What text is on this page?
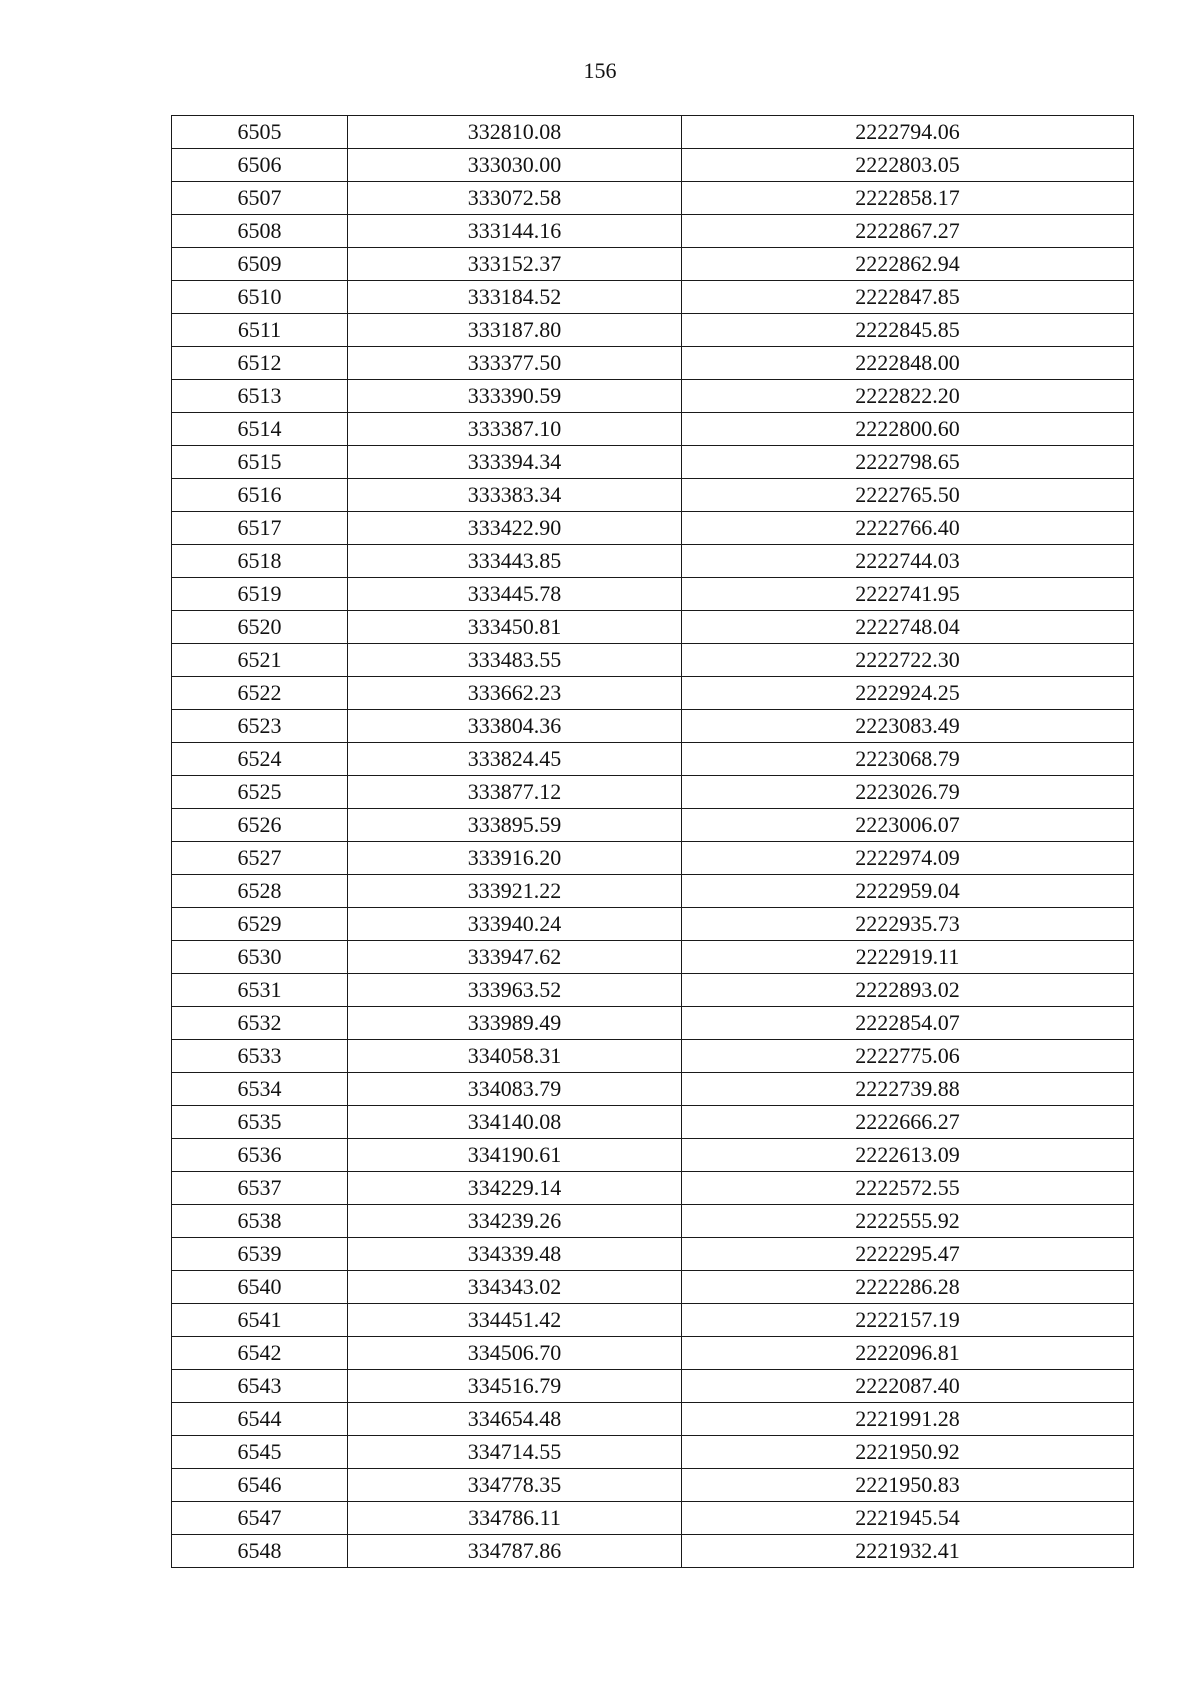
156
6505	332810.08	2222794.06
6506	333030.00	2222803.05
6507	333072.58	2222858.17
6508	333144.16	2222867.27
6509	333152.37	2222862.94
6510	333184.52	2222847.85
6511	333187.80	2222845.85
6512	333377.50	2222848.00
6513	333390.59	2222822.20
6514	333387.10	2222800.60
6515	333394.34	2222798.65
6516	333383.34	2222765.50
6517	333422.90	2222766.40
6518	333443.85	2222744.03
6519	333445.78	2222741.95
6520	333450.81	2222748.04
6521	333483.55	2222722.30
6522	333662.23	2222924.25
6523	333804.36	2223083.49
6524	333824.45	2223068.79
6525	333877.12	2223026.79
6526	333895.59	2223006.07
6527	333916.20	2222974.09
6528	333921.22	2222959.04
6529	333940.24	2222935.73
6530	333947.62	2222919.11
6531	333963.52	2222893.02
6532	333989.49	2222854.07
6533	334058.31	2222775.06
6534	334083.79	2222739.88
6535	334140.08	2222666.27
6536	334190.61	2222613.09
6537	334229.14	2222572.55
6538	334239.26	2222555.92
6539	334339.48	2222295.47
6540	334343.02	2222286.28
6541	334451.42	2222157.19
6542	334506.70	2222096.81
6543	334516.79	2222087.40
6544	334654.48	2221991.28
6545	334714.55	2221950.92
6546	334778.35	2221950.83
6547	334786.11	2221945.54
6548	334787.86	2221932.41
